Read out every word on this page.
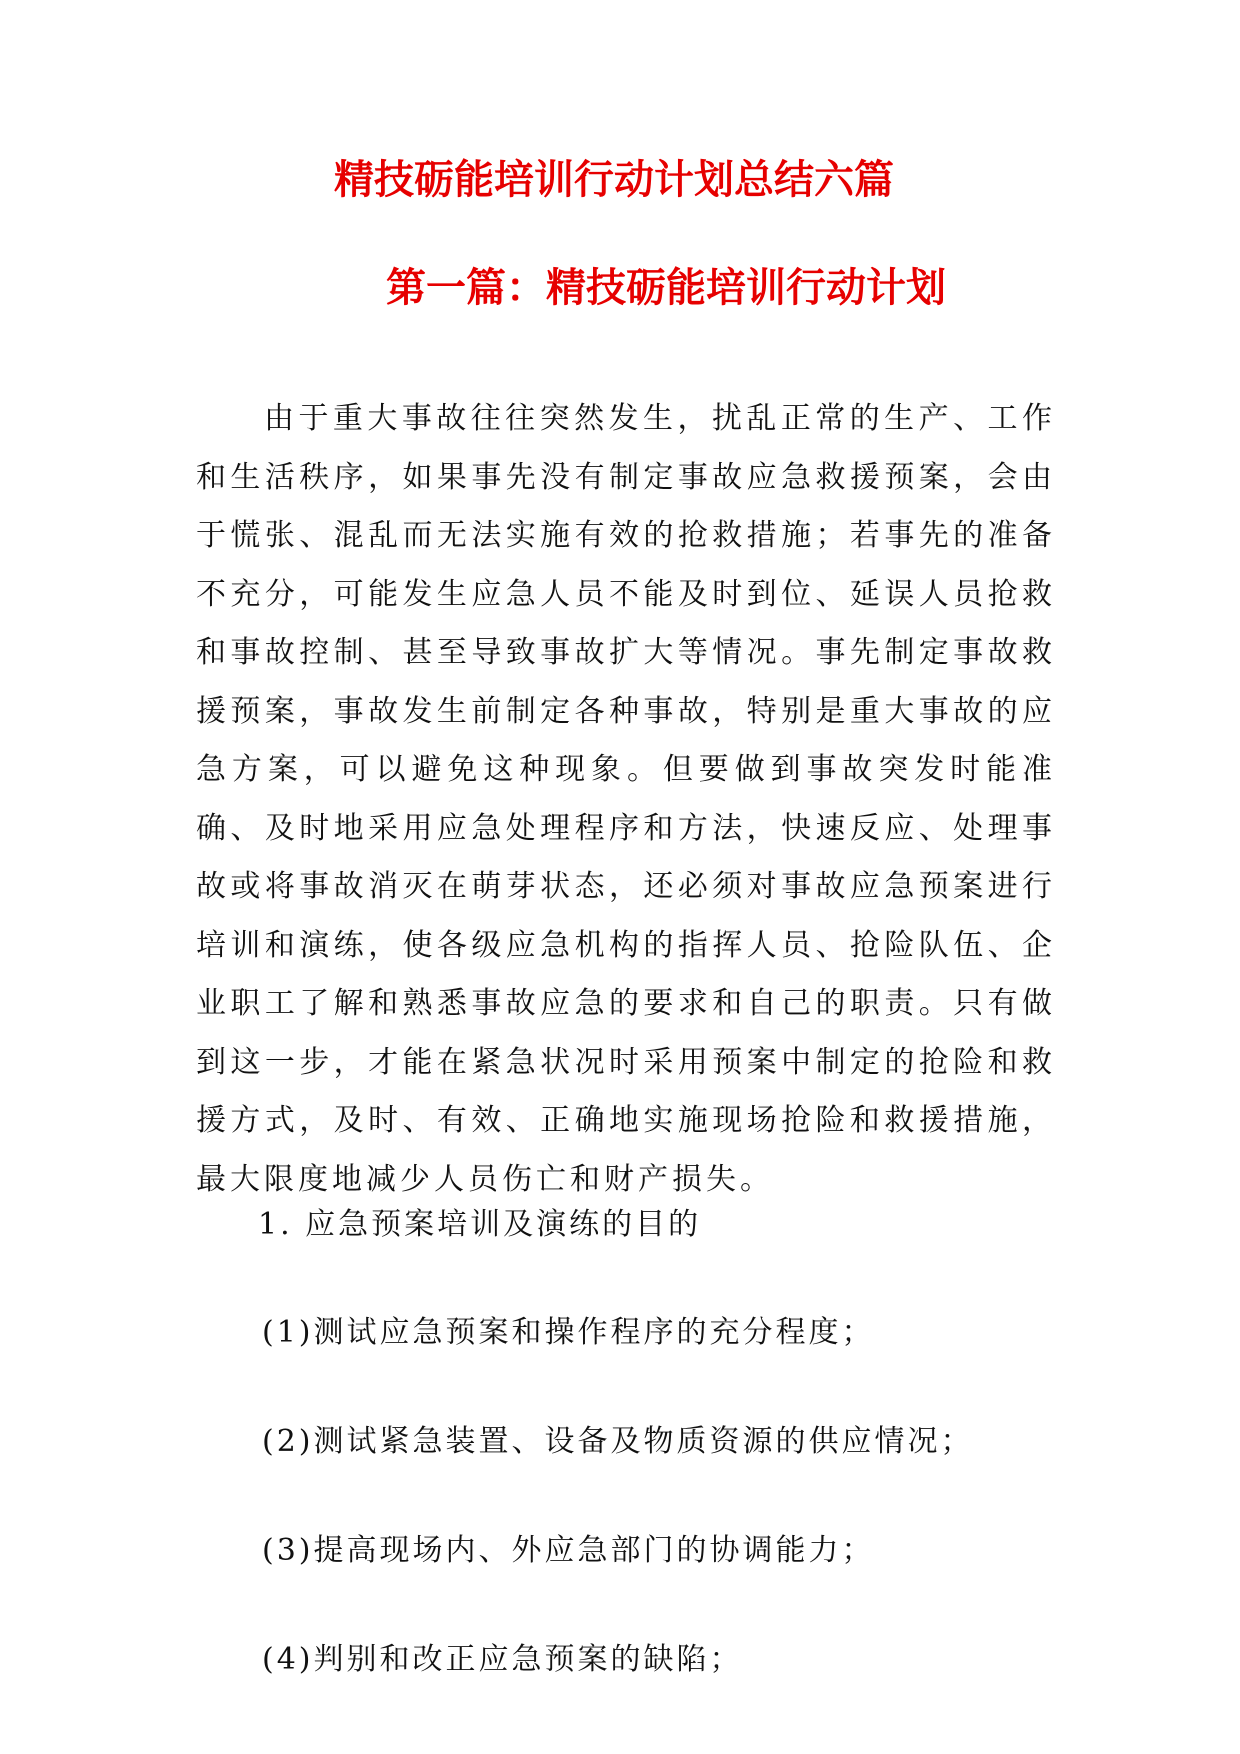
精技砺能培训行动计划总结六篇
第一篇：精技砺能培训行动计划

由于重大事故往往突然发生，扰乱正常的生产、工作和生活秩序，如果事先没有制定事故应急救援预案，会由于慌张、混乱而无法实施有效的抢救措施；若事先的准备不充分，可能发生应急人员不能及时到位、延误人员抢救和事故控制、甚至导致事故扩大等情况。事先制定事故救援预案，事故发生前制定各种事故，特别是重大事故的应急方案，可以避免这种现象。但要做到事故突发时能准确、及时地采用应急处理程序和方法，快速反应、处理事故或将事故消灭在萌芽状态，还必须对事故应急预案进行培训和演练，使各级应急机构的指挥人员、抢险队伍、企业职工了解和熟悉事故应急的要求和自己的职责。只有做到这一步，才能在紧急状况时采用预案中制定的抢险和救援方式，及时、有效、正确地实施现场抢险和救援措施，最大限度地减少人员伤亡和财产损失。

1. 应急预案培训及演练的目的

(1)测试应急预案和操作程序的充分程度；

(2)测试紧急装置、设备及物质资源的供应情况；

(3)提高现场内、外应急部门的协调能力；

(4)判别和改正应急预案的缺陷；
